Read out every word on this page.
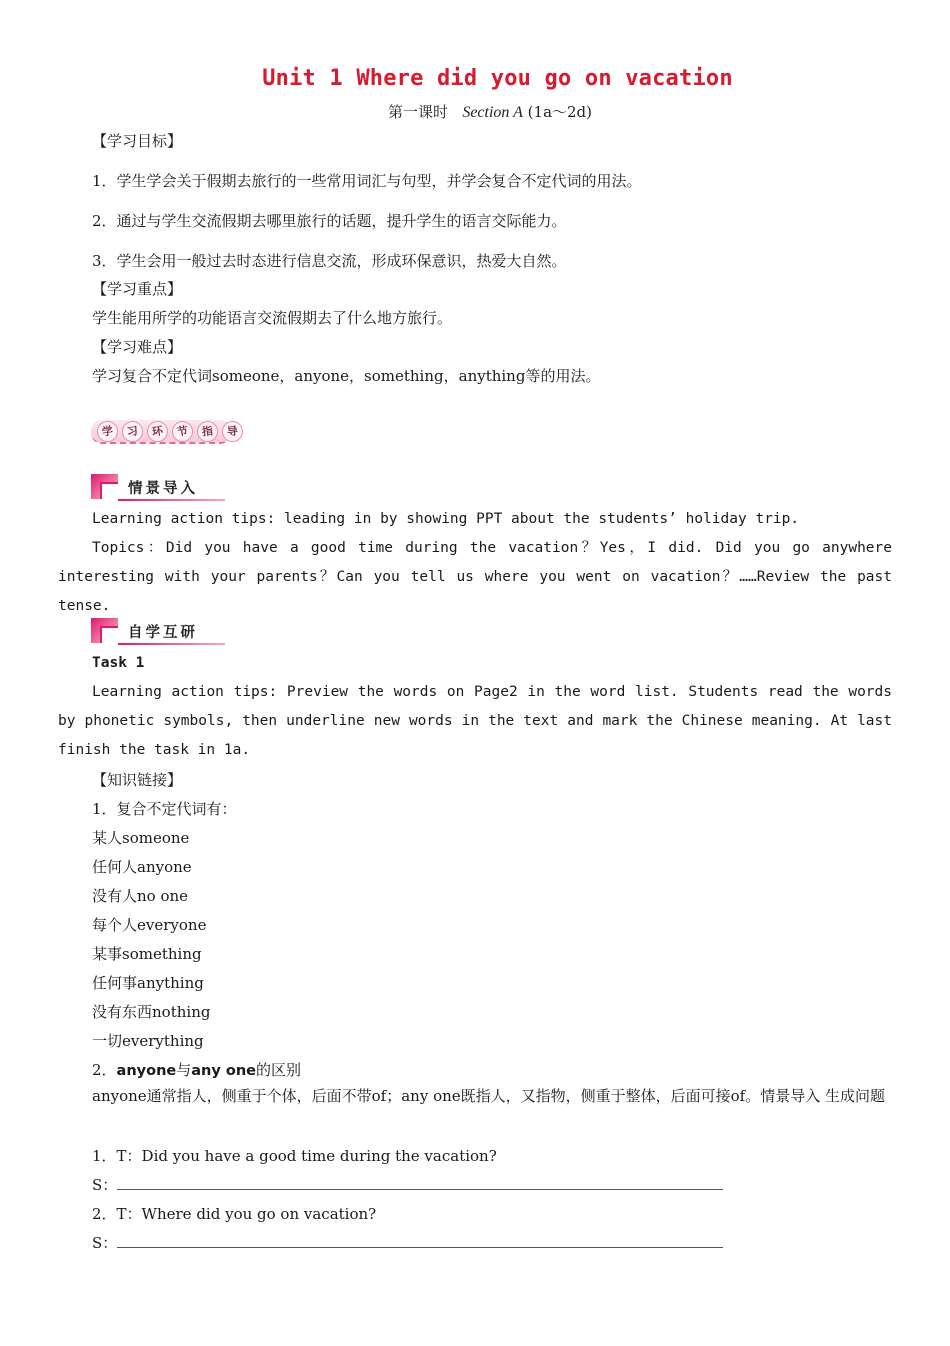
Unit 1 Where did you go on vacation
第一课时 Section A (1a～2d)
【学习目标】
1．学生学会关于假期去旅行的一些常用词汇与句型，并学会复合不定代词的用法。
2．通过与学生交流假期去哪里旅行的话题，提升学生的语言交际能力。
3．学生会用一般过去时态进行信息交流，形成环保意识，热爱大自然。
【学习重点】
学生能用所学的功能语言交流假期去了什么地方旅行。
【学习难点】
学习复合不定代词someone，anyone，something，anything等的用法。
学	习	环	节	指	导
情景导入
Learning action tips: leading in by showing PPT about the students’ holiday trip.
Topics：Did you have a good time during the vacation？Yes，I did. Did you go anywhere interesting with your parents？Can you tell us where you went on vacation？……Review the past tense.
自学互研
Task 1
Learning action tips: Preview the words on Page2 in the word list. Students read the words by phonetic symbols, then underline new words in the text and mark the Chinese meaning. At last finish the task in 1a.
【知识链接】
1．复合不定代词有：
某人someone
任何人anyone
没有人no one
每个人everyone
某事something
任何事anything
没有东西nothing
一切everything
2．anyone与any one的区别
anyone通常指人，侧重于个体，后面不带of；any one既指人，又指物，侧重于整体，后面可接of。情景导入 生成问题
1．T：Did you have a good time during the vacation?
S：
2．T：Where did you go on vacation?
S：
